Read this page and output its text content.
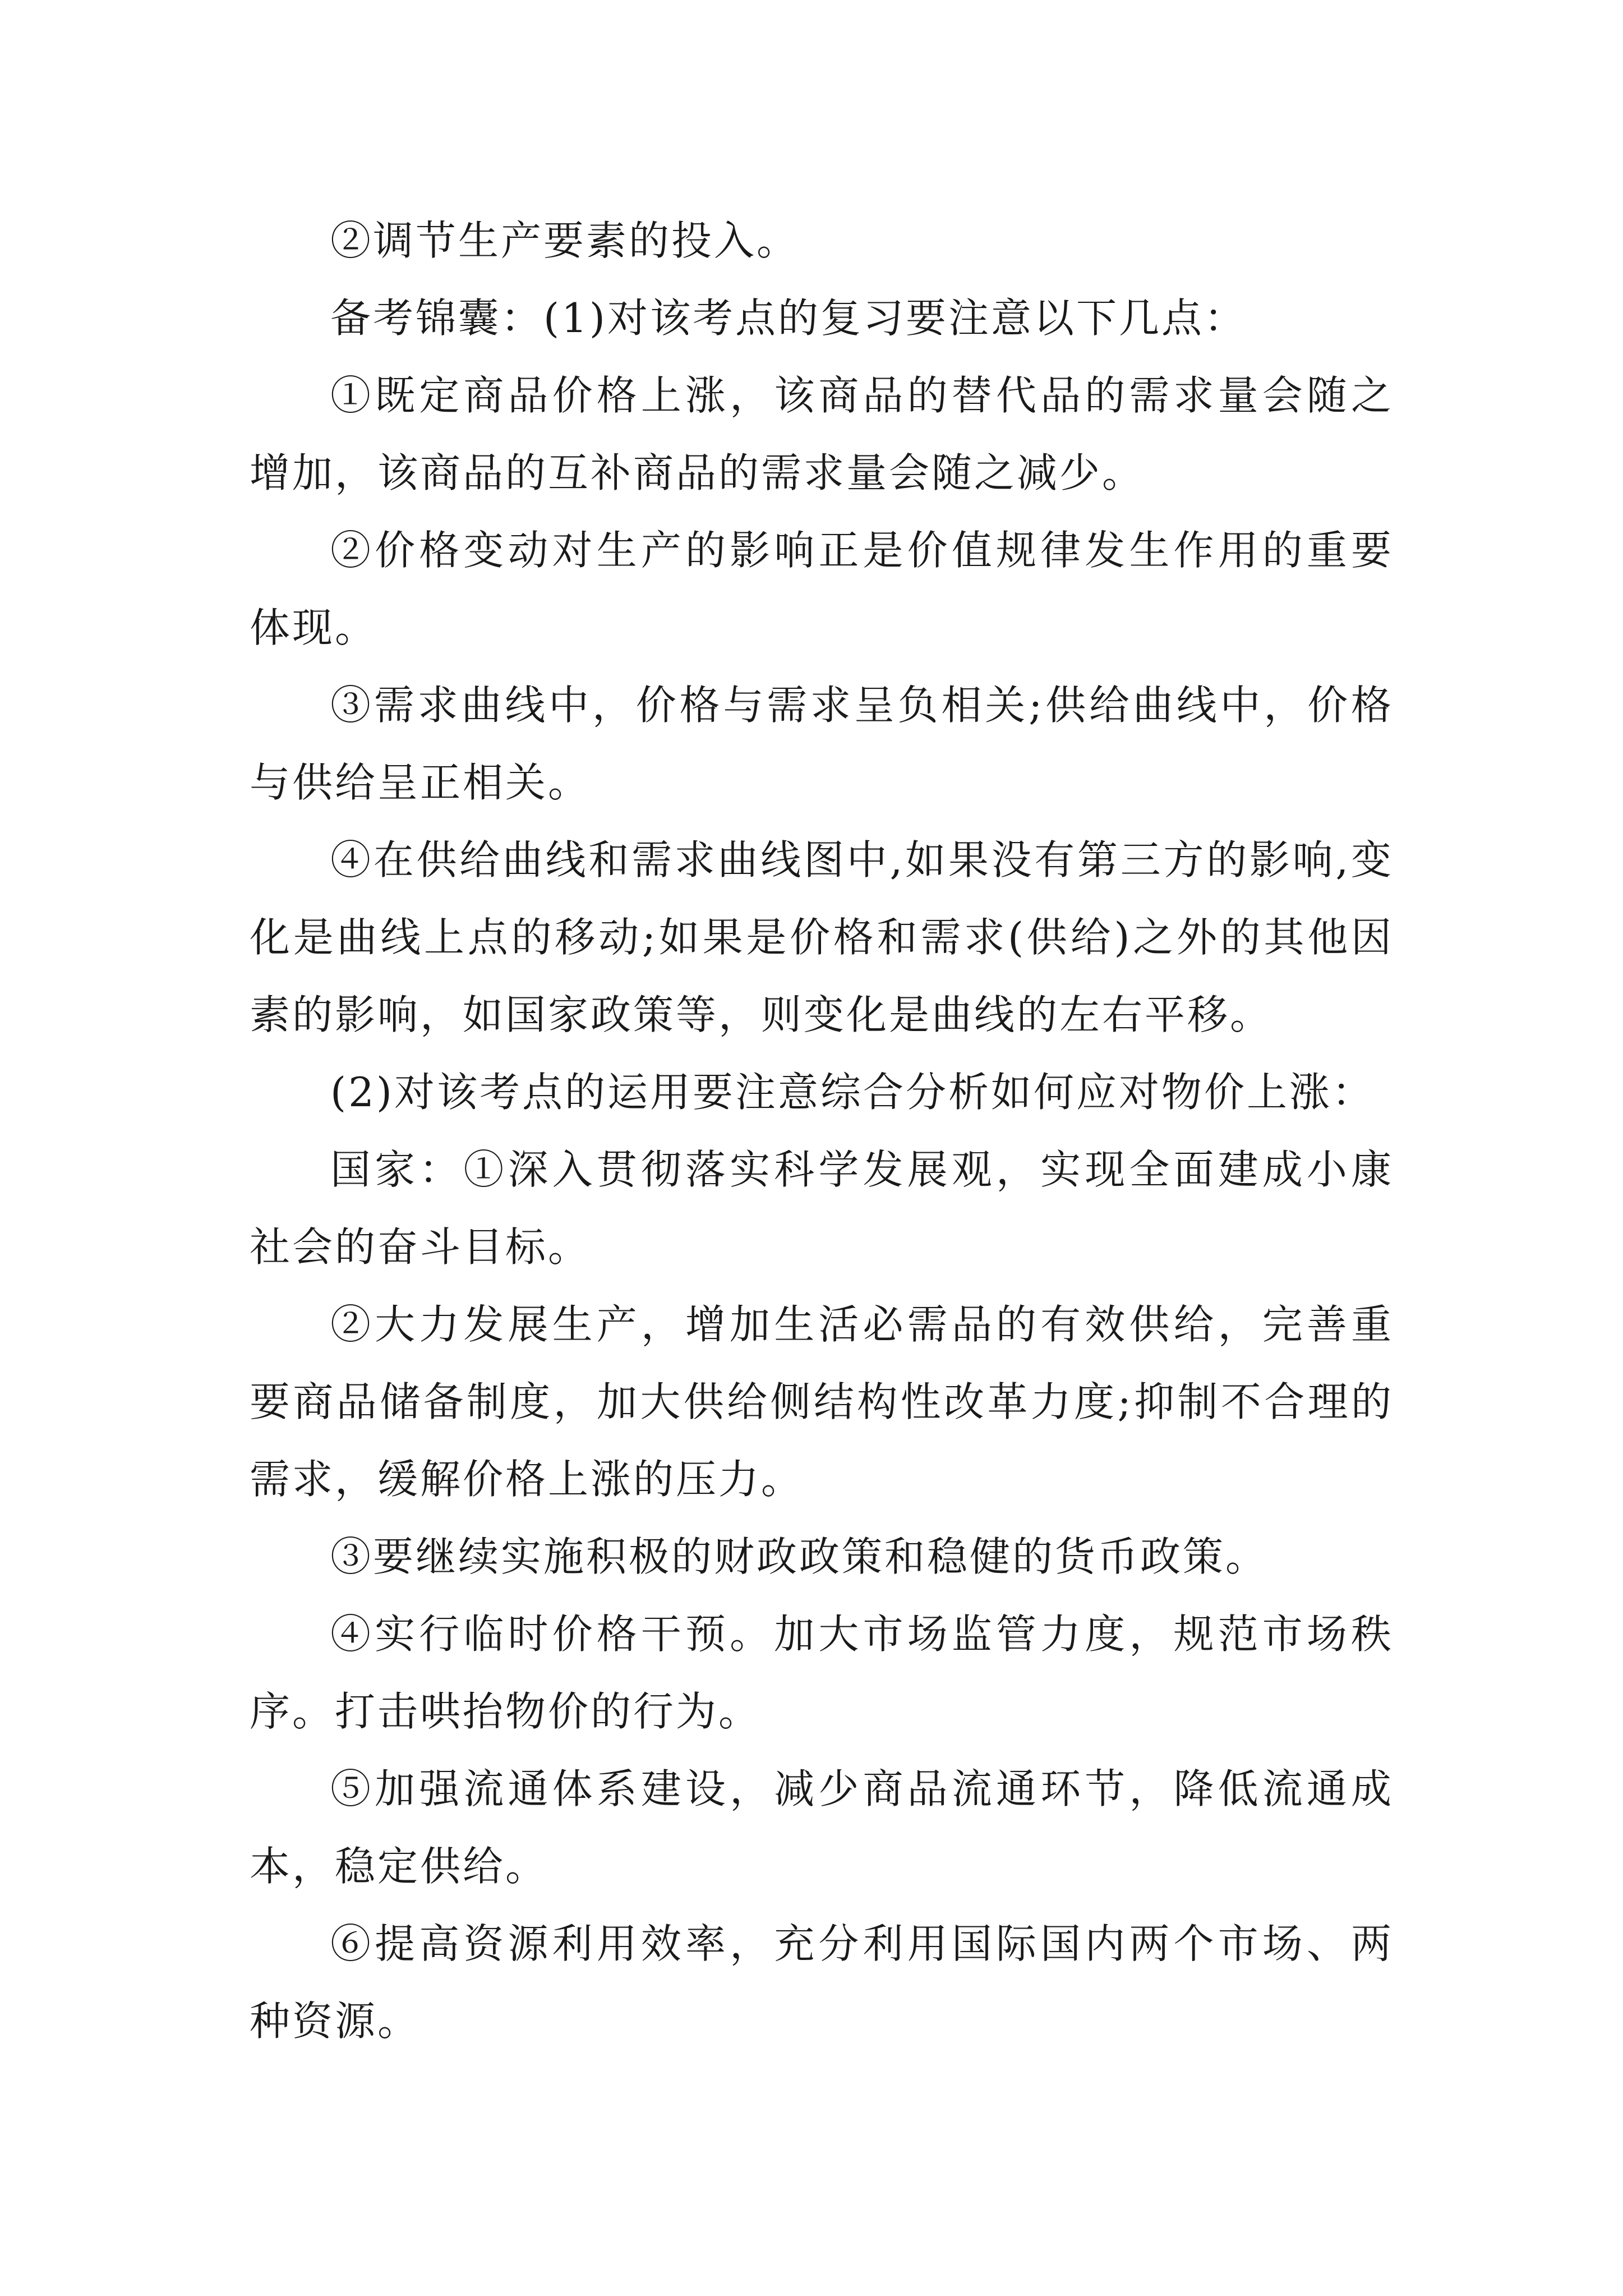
②调节生产要素的投入。

备考锦囊：(1)对该考点的复习要注意以下几点：

①既定商品价格上涨，该商品的替代品的需求量会随之增加，该商品的互补商品的需求量会随之减少。

②价格变动对生产的影响正是价值规律发生作用的重要体现。

③需求曲线中，价格与需求呈负相关;供给曲线中，价格与供给呈正相关。

④在供给曲线和需求曲线图中,如果没有第三方的影响,变化是曲线上点的移动;如果是价格和需求(供给)之外的其他因素的影响，如国家政策等，则变化是曲线的左右平移。

(2)对该考点的运用要注意综合分析如何应对物价上涨：

国家：①深入贯彻落实科学发展观，实现全面建成小康社会的奋斗目标。

②大力发展生产，增加生活必需品的有效供给，完善重要商品储备制度，加大供给侧结构性改革力度;抑制不合理的需求，缓解价格上涨的压力。

③要继续实施积极的财政政策和稳健的货币政策。

④实行临时价格干预。加大市场监管力度，规范市场秩序。打击哄抬物价的行为。

⑤加强流通体系建设，减少商品流通环节，降低流通成本，稳定供给。

⑥提高资源利用效率，充分利用国际国内两个市场、两种资源。
